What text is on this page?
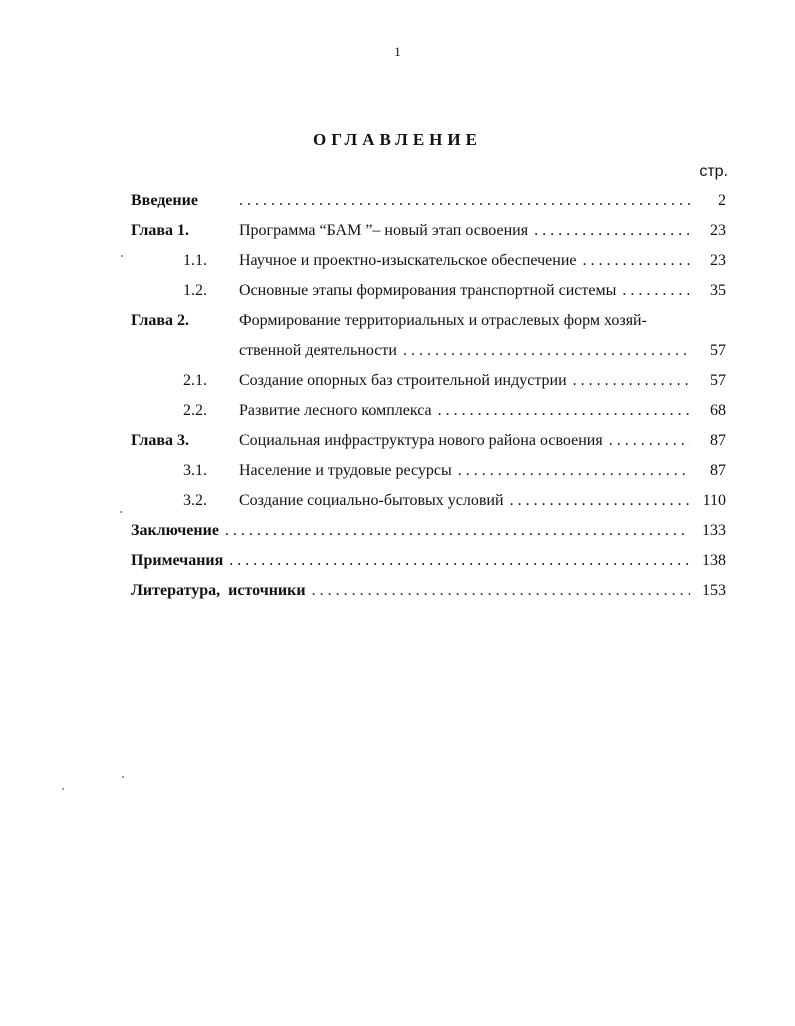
1
ОГЛАВЛЕНИЕ
стр.
Введение . . .	2
Глава 1.	Программа “БАМ ”– новый этап освоения . . .	23
1.1. Научное и проектно-изыскательское обеспечение . . .	23
1.2. Основные этапы формирования транспортной системы . . .	35
Глава 2.	Формирование территориальных и отраслевых форм хозяй-
ственной деятельности . . .	57
2.1. Создание опорных баз строительной индустрии . . .	57
2.2. Развитие лесного комплекса . . .	68
Глава 3.	Социальная инфраструктура нового района освоения . . .	87
3.1. Население и трудовые ресурсы . . .	87
3.2. Создание социально-бытовых условий . . .	110
Заключение . . .	133
Примечания . . .	138
Литература,  источники . . .	153
